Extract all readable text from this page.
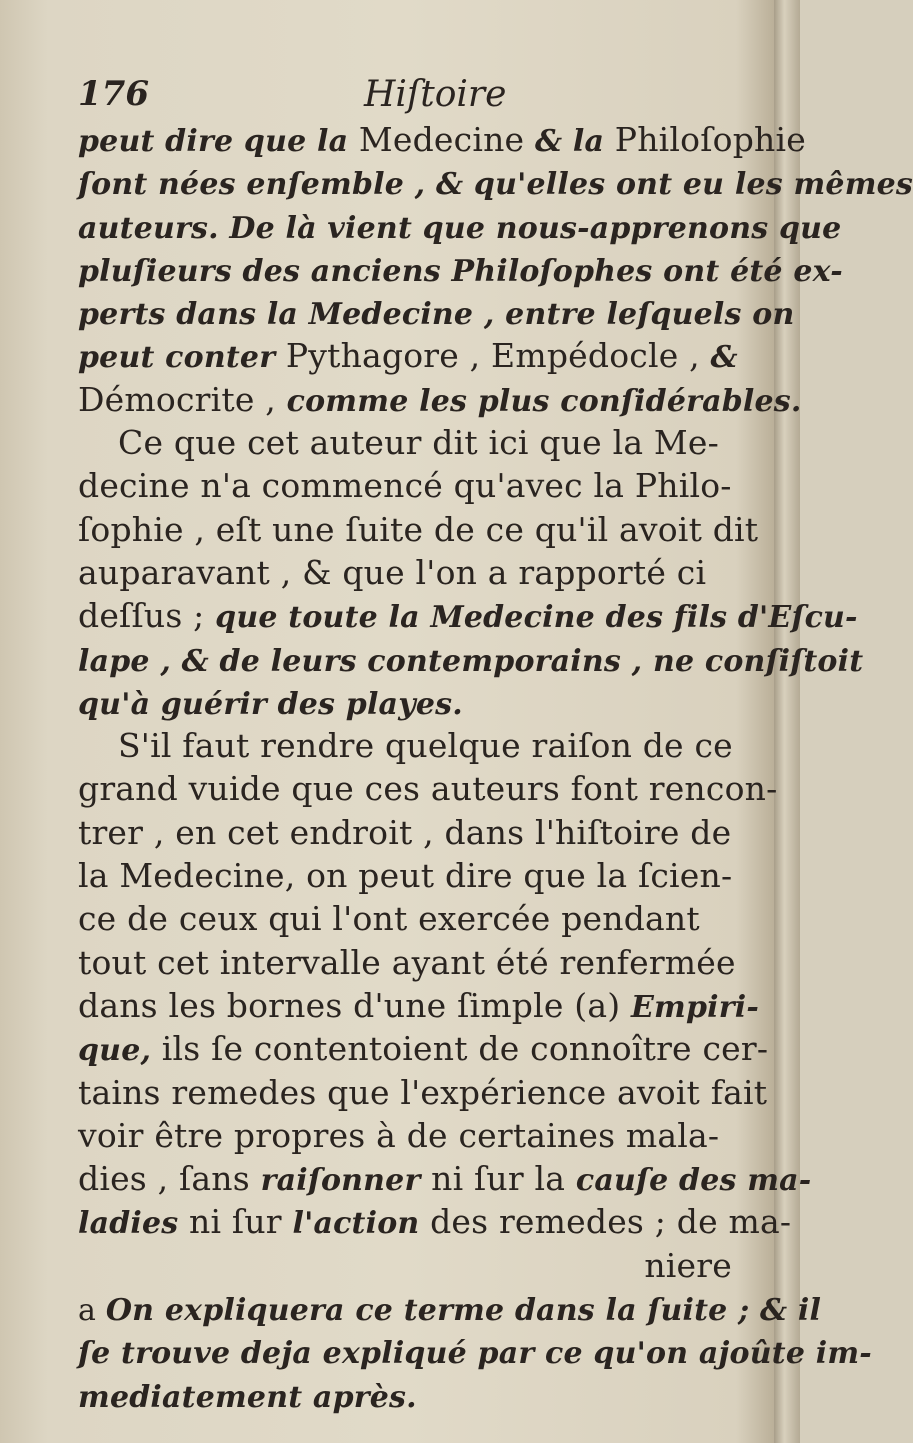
176	Hiſtoire
peut dire que la Medecine & la Philoſophie
ſont nées enſemble , & qu'elles ont eu les mêmes
auteurs. De là vient que nous-apprenons que
pluſieurs des anciens Philoſophes ont été ex-
perts dans la Medecine , entre leſquels on
peut conter Pythagore , Empédocle , &
Démocrite , comme les plus conſidérables.
Ce que cet auteur dit ici que la Me-
decine n'a commencé qu'avec la Philo-
ſophie , eſt une ſuite de ce qu'il avoit dit
auparavant , & que l'on a rapporté ci
deſſus ; que toute la Medecine des fils d'Eſcu-
lape , & de leurs contemporains , ne conſiſtoit
qu'à guérir des playes.
S'il faut rendre quelque raiſon de ce
grand vuide que ces auteurs font rencon-
trer , en cet endroit , dans l'hiſtoire de
la Medecine, on peut dire que la ſcien-
ce de ceux qui l'ont exercée pendant
tout cet intervalle ayant été renfermée
dans les bornes d'une ſimple (a) Empiri-
que, ils ſe contentoient de connoître cer-
tains remedes que l'expérience avoit fait
voir être propres à de certaines mala-
dies , ſans raiſonner ni ſur la cauſe des ma-
ladies ni ſur l'action des remedes ; de ma-
niere
a On expliquera ce terme dans la ſuite ; & il
ſe trouve deja expliqué par ce qu'on ajoûte im-
mediatement après.
